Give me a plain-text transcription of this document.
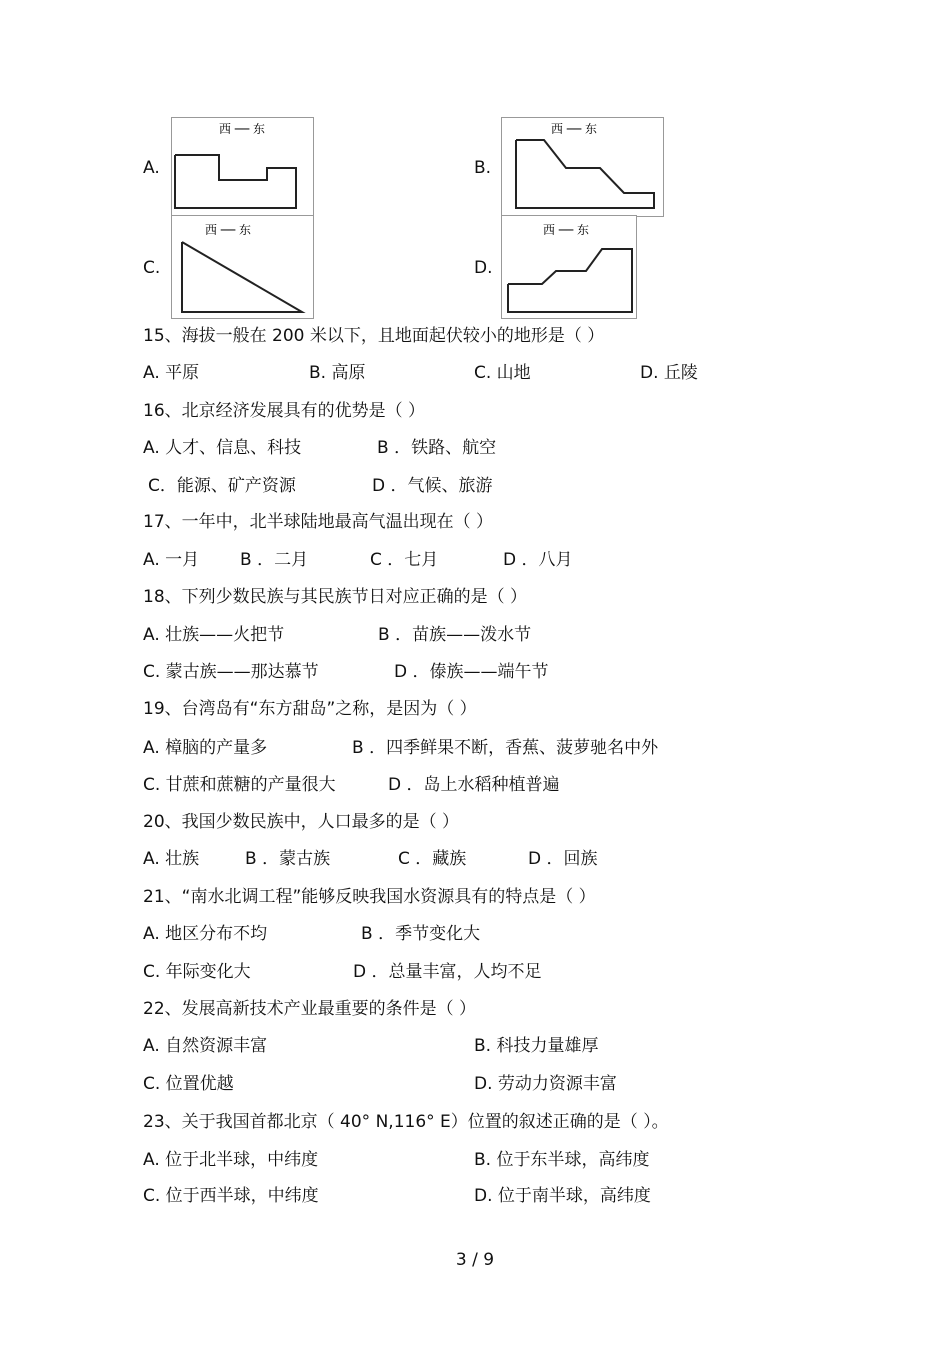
A.
西 ── 东
B.
西 ── 东
C.
西 ── 东
D.
西 ── 东
15、海拔一般在 200 米以下，且地面起伏较小的地形是（ ）
A. 平原	B. 高原	C. 山地	D. 丘陵
16、北京经济发展具有的优势是（ ）
A. 人才、信息、科技	B ．铁路、航空
C．能源、矿产资源	D ．气候、旅游
17、一年中，北半球陆地最高气温出现在（ ）
A. 一月 B ．二月	C ．七月	D ．八月
18、下列少数民族与其民族节日对应正确的是（ ）
A. 壮族——火把节	B ．苗族——泼水节
C. 蒙古族——那达慕节	D ．傣族——端午节
19、台湾岛有“东方甜岛”之称，是因为（ ）
A. 樟脑的产量多	B ．四季鲜果不断，香蕉、菠萝驰名中外
C. 甘蔗和蔗糖的产量很大	D ．岛上水稻种植普遍
20、我国少数民族中，人口最多的是（ ）
A. 壮族	B ．蒙古族	C ．藏族	D ．回族
21、“南水北调工程”能够反映我国水资源具有的特点是（ ）
A. 地区分布不均	B ．季节变化大
C. 年际变化大	D ．总量丰富，人均不足
22、发展高新技术产业最重要的条件是（ ）
A. 自然资源丰富	B. 科技力量雄厚
C. 位置优越	D. 劳动力资源丰富
23、关于我国首都北京（ 40° N,116° E）位置的叙述正确的是（ ）。
A. 位于北半球，中纬度	B. 位于东半球，高纬度
C. 位于西半球，中纬度	D. 位于南半球，高纬度
3 / 9
